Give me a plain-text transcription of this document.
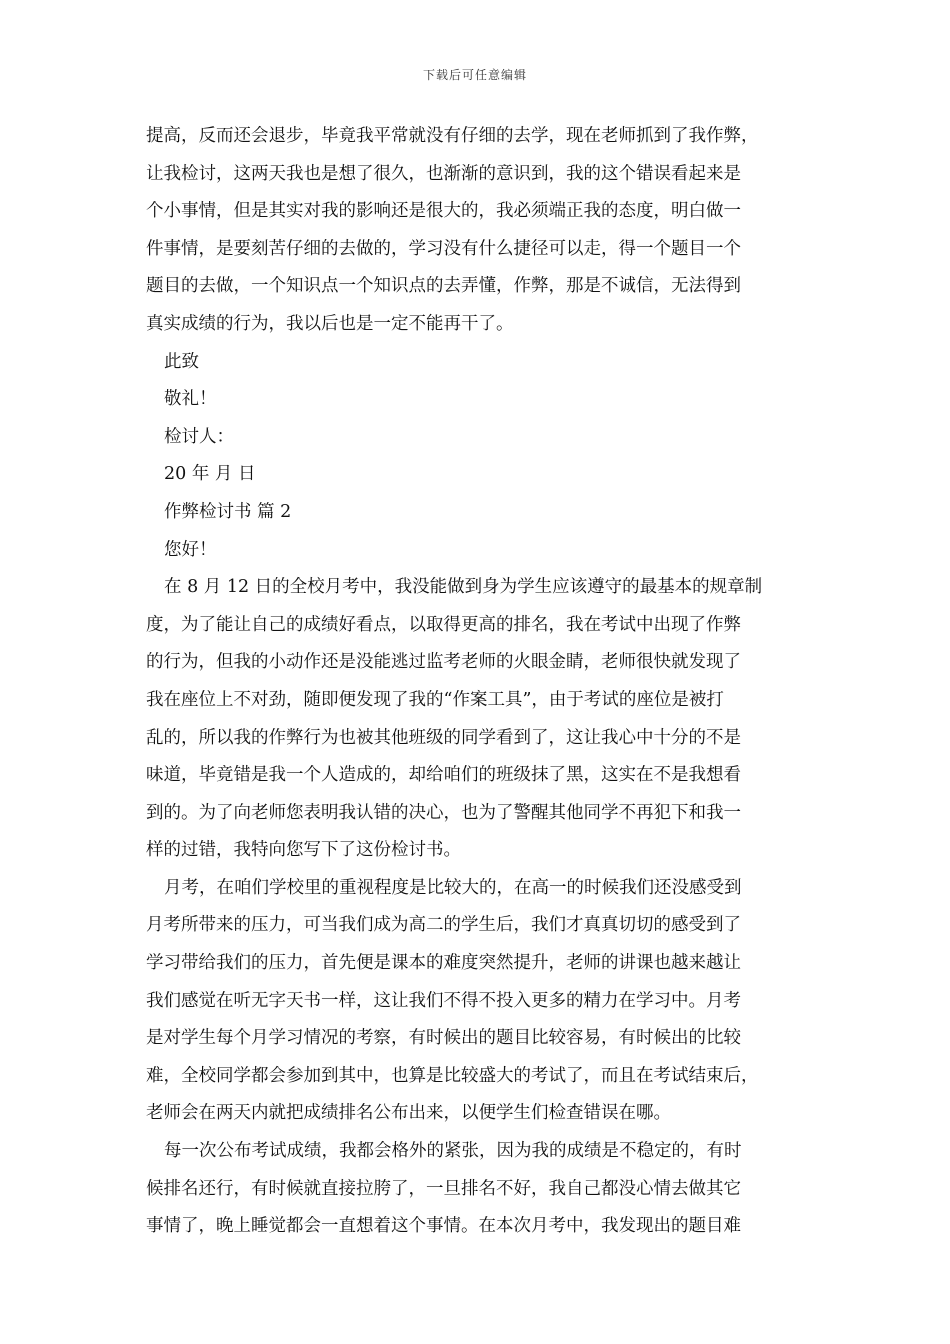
下载后可任意编辑
提高，反而还会退步，毕竟我平常就没有仔细的去学，现在老师抓到了我作弊，
让我检讨，这两天我也是想了很久，也渐渐的意识到，我的这个错误看起来是
个小事情，但是其实对我的影响还是很大的，我必须端正我的态度，明白做一
件事情，是要刻苦仔细的去做的，学习没有什么捷径可以走，得一个题目一个
题目的去做，一个知识点一个知识点的去弄懂，作弊，那是不诚信，无法得到
真实成绩的行为，我以后也是一定不能再干了。
此致
敬礼！
检讨人：
20 年 月 日
作弊检讨书 篇 2
您好！
在 8 月 12 日的全校月考中，我没能做到身为学生应该遵守的最基本的规章制
度，为了能让自己的成绩好看点，以取得更高的排名，我在考试中出现了作弊
的行为，但我的小动作还是没能逃过监考老师的火眼金睛，老师很快就发现了
我在座位上不对劲，随即便发现了我的“作案工具”，由于考试的座位是被打
乱的，所以我的作弊行为也被其他班级的同学看到了，这让我心中十分的不是
味道，毕竟错是我一个人造成的，却给咱们的班级抹了黑，这实在不是我想看
到的。为了向老师您表明我认错的决心，也为了警醒其他同学不再犯下和我一
样的过错，我特向您写下了这份检讨书。
月考，在咱们学校里的重视程度是比较大的，在高一的时候我们还没感受到
月考所带来的压力，可当我们成为高二的学生后，我们才真真切切的感受到了
学习带给我们的压力，首先便是课本的难度突然提升，老师的讲课也越来越让
我们感觉在听无字天书一样，这让我们不得不投入更多的精力在学习中。月考
是对学生每个月学习情况的考察，有时候出的题目比较容易，有时候出的比较
难，全校同学都会参加到其中，也算是比较盛大的考试了，而且在考试结束后，
老师会在两天内就把成绩排名公布出来，以便学生们检查错误在哪。
每一次公布考试成绩，我都会格外的紧张，因为我的成绩是不稳定的，有时
候排名还行，有时候就直接拉胯了，一旦排名不好，我自己都没心情去做其它
事情了，晚上睡觉都会一直想着这个事情。在本次月考中，我发现出的题目难
